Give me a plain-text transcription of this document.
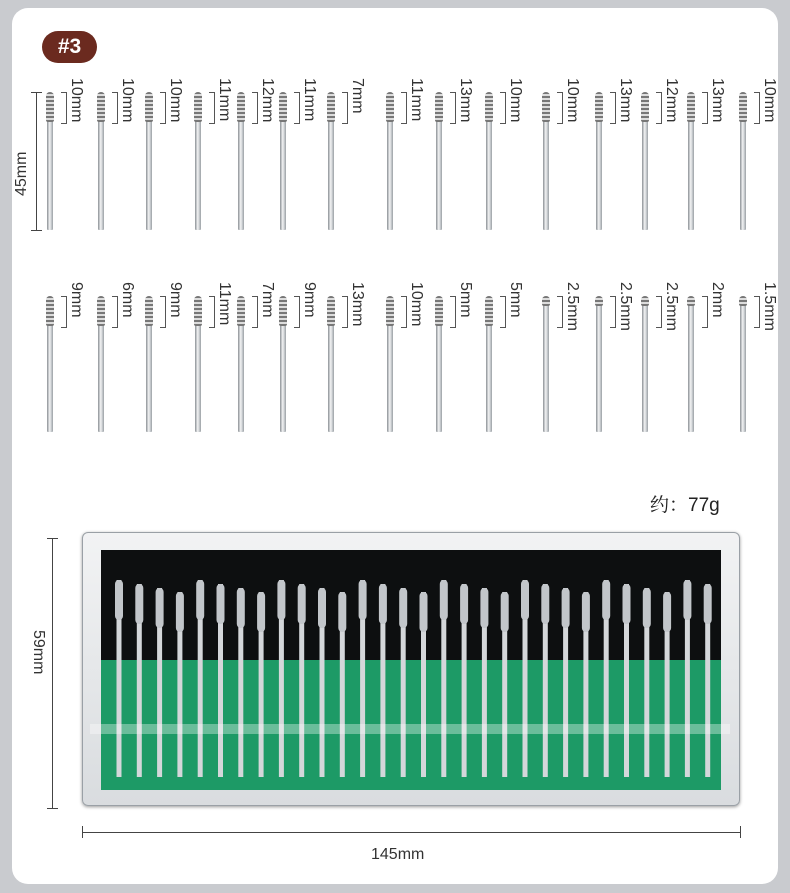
#3
45mm
10mm 10mm 10mm 11mm 12mm 11mm 7mm	11mm 13mm 10mm	10mm 13mm 12mm 13mm 10mm
9mm 6mm 9mm 11mm 7mm 9mm 13mm	10mm 5mm 5mm	2.5mm 2.5mm 2.5mm 2mm 1.5mm
约：77g
59mm
145mm
